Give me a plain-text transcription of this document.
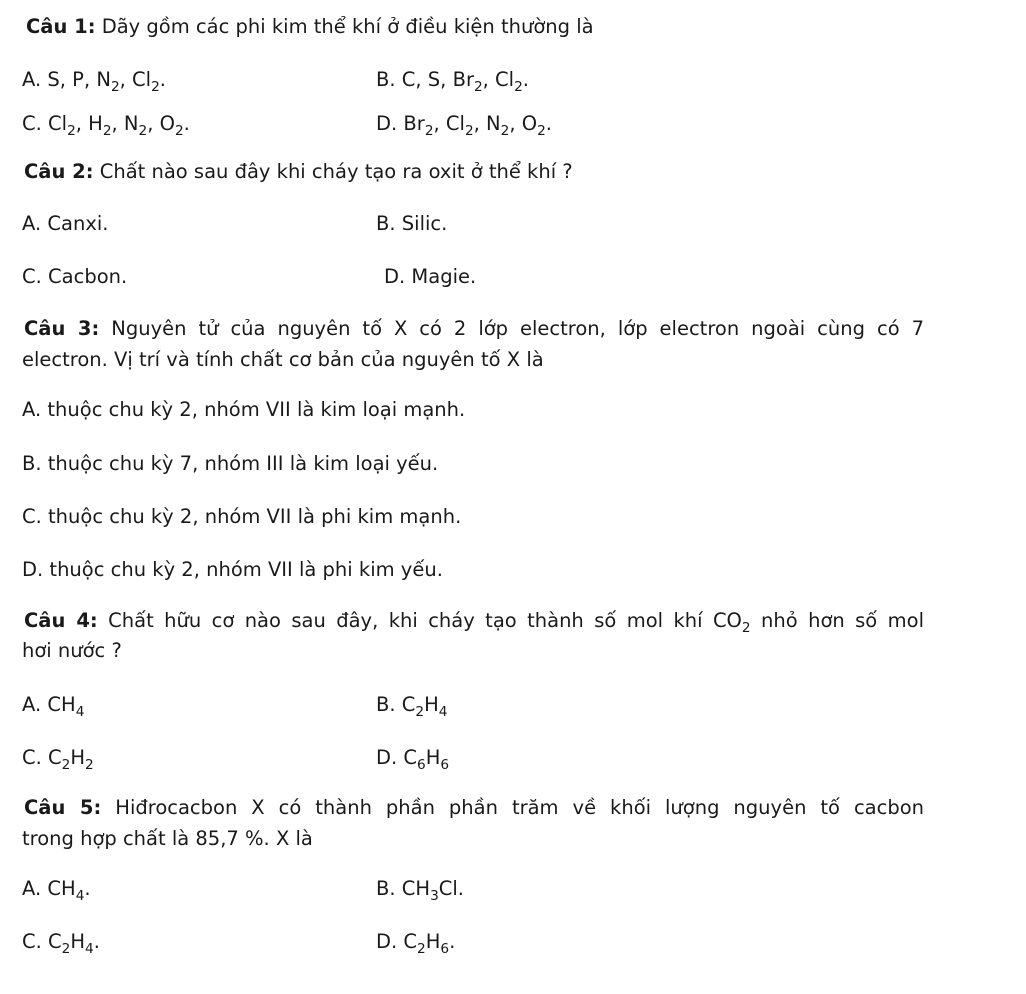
Câu 1: Dãy gồm các phi kim thể khí ở điều kiện thường là
A. S, P, $N_2$, $Cl_2$.	B. C, S, $Br_2$, $Cl_2$.
C. $Cl_2$, $H_2$, $N_2$, $O_2$.	D. $Br_2$, $Cl_2$, $N_2$, $O_2$.
Câu 2: Chất nào sau đây khi cháy tạo ra oxit ở thể khí ?
A. Canxi.	B. Silic.
C. Cacbon.	D. Magie.
Câu 3: Nguyên tử của nguyên tố X có 2 lớp electron, lớp electron ngoài cùng có 7
electron. Vị trí và tính chất cơ bản của nguyên tố X là
A. thuộc chu kỳ 2, nhóm VII là kim loại mạnh.
B. thuộc chu kỳ 7, nhóm III là kim loại yếu.
C. thuộc chu kỳ 2, nhóm VII là phi kim mạnh.
D. thuộc chu kỳ 2, nhóm VII là phi kim yếu.
Câu 4: Chất hữu cơ nào sau đây, khi cháy tạo thành số mol khí $CO_2$ nhỏ hơn số mol
hơi nước ?
A. $CH_4$	B. $C_2H_4$
C. $C_2H_2$	D. $C_6H_6$
Câu 5: Hiđrocacbon X có thành phần phần trăm về khối lượng nguyên tố cacbon
trong hợp chất là 85,7 %. X là
A. $CH_4$.	B. $CH_3Cl$.
C. $C_2H_4$.	D. $C_2H_6$.
